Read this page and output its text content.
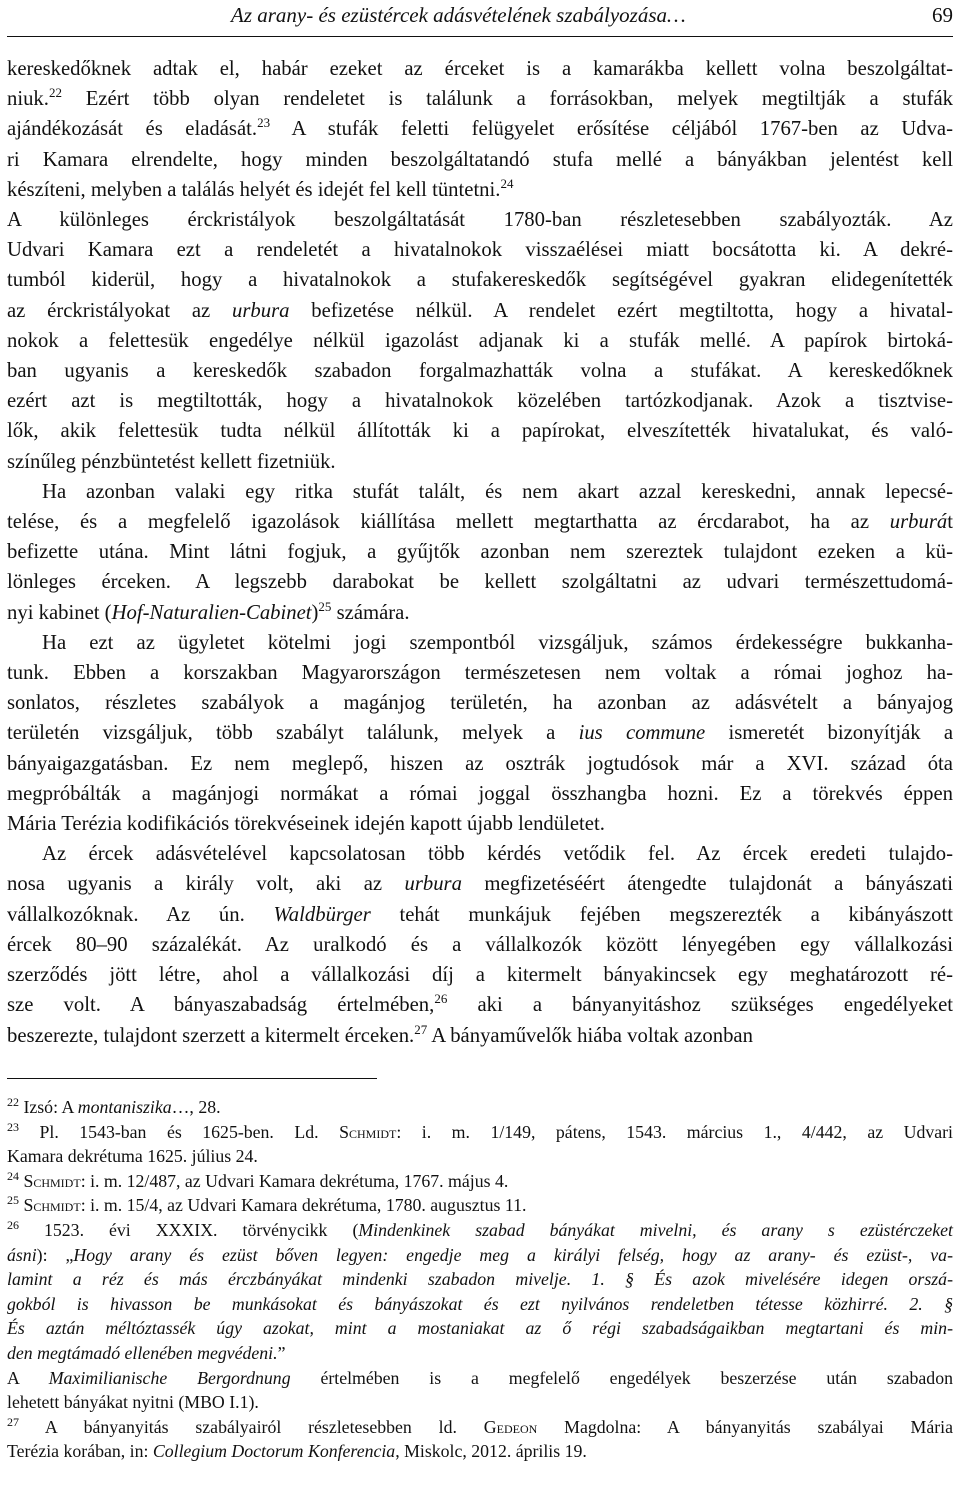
Az arany- és ezüstércek adásvételének szabályozása…	69

kereskedőknek adtak el, habár ezeket az érceket is a kamarákba kellett volna beszolgáltat-
niuk.$^{22}$ Ezért több olyan rendeletet is találunk a forrásokban, melyek megtiltják a stufák
ajándékozását és eladását.$^{23}$ A stufák feletti felügyelet erősítése céljából 1767-ben az Udva-
ri Kamara elrendelte, hogy minden beszolgáltatandó stufa mellé a bányákban jelentést kell
készíteni, melyben a találás helyét és idejét fel kell tüntetni.$^{24}$
A különleges érckristályok beszolgáltatását 1780-ban részletesebben szabályozták. Az
Udvari Kamara ezt a rendeletét a hivatalnokok visszaélései miatt bocsátotta ki. A dekré-
tumból kiderül, hogy a hivatalnokok a stufakereskedők segítségével gyakran elidegenítették
az érckristályokat az urbura befizetése nélkül. A rendelet ezért megtiltotta, hogy a hivatal-
nokok a felettesük engedélye nélkül igazolást adjanak ki a stufák mellé. A papírok birtoká-
ban ugyanis a kereskedők szabadon forgalmazhatták volna a stufákat. A kereskedőknek
ezért azt is megtiltották, hogy a hivatalnokok közelében tartózkodjanak. Azok a tisztvise-
lők, akik felettesük tudta nélkül állították ki a papírokat, elveszítették hivatalukat, és való-
színűleg pénzbüntetést kellett fizetniük.

Ha azonban valaki egy ritka stufát talált, és nem akart azzal kereskedni, annak lepecsé-
telése, és a megfelelő igazolások kiállítása mellett megtarthatta az ércdarabot, ha az urburát
befizette utána. Mint látni fogjuk, a gyűjtők azonban nem szereztek tulajdont ezeken a kü-
lönleges érceken. A legszebb darabokat be kellett szolgáltatni az udvari természettudomá-
nyi kabinet (Hof-Naturalien-Cabinet)$^{25}$ számára.

Ha ezt az ügyletet kötelmi jogi szempontból vizsgáljuk, számos érdekességre bukkanha-
tunk. Ebben a korszakban Magyarországon természetesen nem voltak a római joghoz ha-
sonlatos, részletes szabályok a magánjog területén, ha azonban az adásvételt a bányajog
területén vizsgáljuk, több szabályt találunk, melyek a ius commune ismeretét bizonyítják a
bányaigazgatásban. Ez nem meglepő, hiszen az osztrák jogtudósok már a XVI. század óta
megpróbálták a magánjogi normákat a római joggal összhangba hozni. Ez a törekvés éppen
Mária Terézia kodifikációs törekvéseinek idején kapott újabb lendületet.

Az ércek adásvételével kapcsolatosan több kérdés vetődik fel. Az ércek eredeti tulajdo-
nosa ugyanis a király volt, aki az urbura megfizetéséért átengedte tulajdonát a bányászati
vállalkozóknak. Az ún. Waldbürger tehát munkájuk fejében megszerezték a kibányászott
ércek 80–90 százalékát. Az uralkodó és a vállalkozók között lényegében egy vállalkozási
szerződés jött létre, ahol a vállalkozási díj a kitermelt bányakincsek egy meghatározott ré-
sze volt. A bányaszabadság értelmében,$^{26}$ aki a bányanyitáshoz szükséges engedélyeket
beszerezte, tulajdont szerzett a kitermelt érceken.$^{27}$ A bányaművelők hiába voltak azonban

$^{22}$ Izsó: A montaniszika…, 28.
$^{23}$ Pl. 1543-ban és 1625-ben. Ld. Schmidt: i. m. 1/149, pátens, 1543. március 1., 4/442, az Udvari
Kamara dekrétuma 1625. július 24.
$^{24}$ Schmidt: i. m. 12/487, az Udvari Kamara dekrétuma, 1767. május 4.
$^{25}$ Schmidt: i. m. 15/4, az Udvari Kamara dekrétuma, 1780. augusztus 11.
$^{26}$ 1523. évi XXXIX. törvénycikk (Mindenkinek szabad bányákat mivelni, és arany s ezüstérczeket
ásni): „Hogy arany és ezüst bőven legyen: engedje meg a királyi felség, hogy az arany- és ezüst-, va-
lamint a réz és más érczbányákat mindenki szabadon mivelje. 1. § És azok mivelésére idegen orszá-
gokból is hivasson be munkásokat és bányászokat és ezt nyilvános rendeletben tétesse közhirré. 2. §
És aztán méltóztassék úgy azokat, mint a mostaniakat az ő régi szabadságaikban megtartani és min-
den megtámadó ellenében megvédeni.”
A Maximilianische Bergordnung értelmében is a megfelelő engedélyek beszerzése után szabadon
lehetett bányákat nyitni (MBO I.1).
$^{27}$ A bányanyitás szabályairól részletesebben ld. Gedeon Magdolna: A bányanyitás szabályai Mária
Terézia korában, in: Collegium Doctorum Konferencia, Miskolc, 2012. április 19.
